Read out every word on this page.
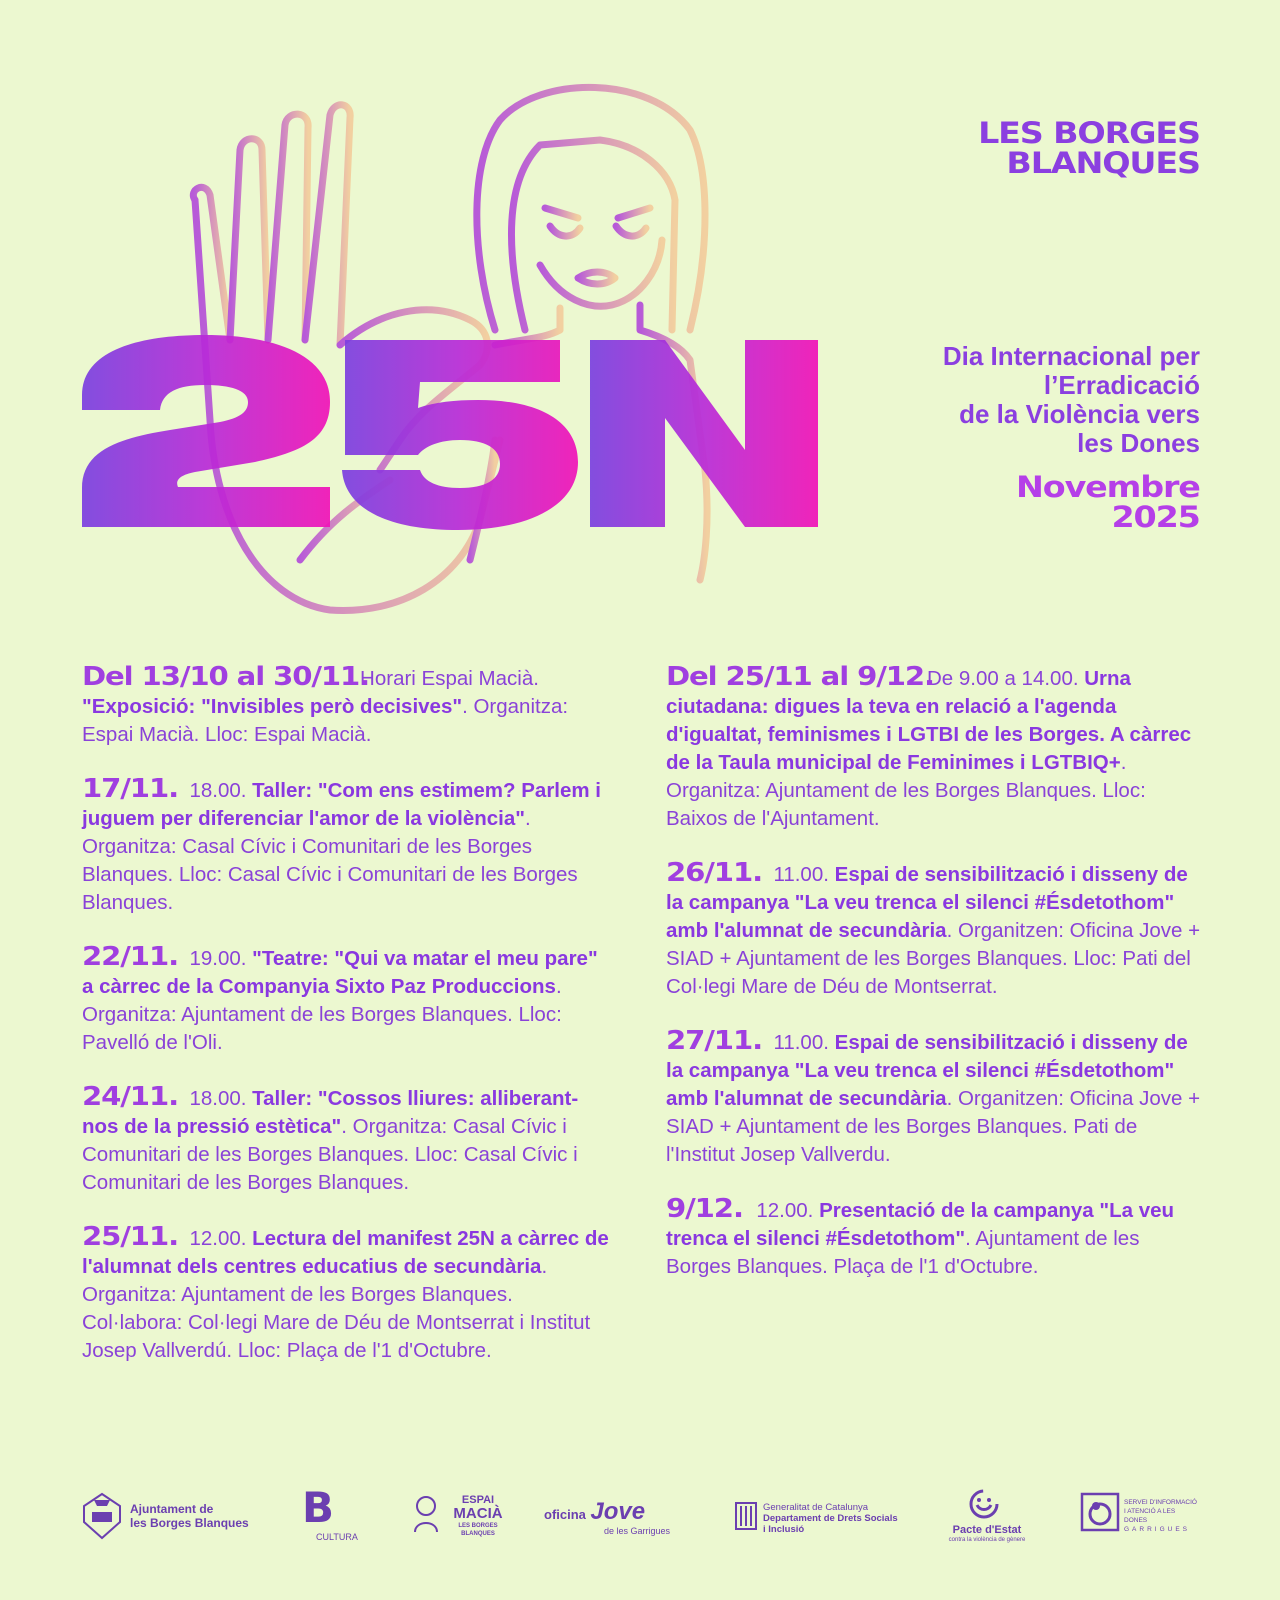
LES BORGES
BLANQUES
Dia Internacional per
l’Erradicació
de la Violència vers
les Dones
Novembre
2025
Del 13/10 al 30/11. Horari Espai Macià. "Exposició: "Invisibles però decisives". Organitza: Espai Macià. Lloc: Espai Macià.
17/11. 18.00. Taller: "Com ens estimem? Parlem i juguem per diferenciar l'amor de la violència". Organitza: Casal Cívic i Comunitari de les Borges Blanques. Lloc: Casal Cívic i Comunitari de les Borges Blanques.
22/11. 19.00. "Teatre: "Qui va matar el meu pare" a càrrec de la Companyia Sixto Paz Produccions. Organitza: Ajuntament de les Borges Blanques. Lloc: Pavelló de l'Oli.
24/11. 18.00. Taller: "Cossos lliures: alliberant-nos de la pressió estètica". Organitza: Casal Cívic i Comunitari de les Borges Blanques. Lloc: Casal Cívic i Comunitari de les Borges Blanques.
25/11. 12.00. Lectura del manifest 25N a càrrec de l'alumnat dels centres educatius de secundària. Organitza: Ajuntament de les Borges Blanques. Col·labora: Col·legi Mare de Déu de Montserrat i Institut Josep Vallverdú. Lloc: Plaça de l'1 d'Octubre.
Del 25/11 al 9/12. De 9.00 a 14.00. Urna ciutadana: digues la teva en relació a l'agenda d'igualtat, feminismes i LGTBI de les Borges. A càrrec de la Taula municipal de Feminimes i LGTBIQ+. Organitza: Ajuntament de les Borges Blanques. Lloc: Baixos de l'Ajuntament.
26/11. 11.00. Espai de sensibilització i disseny de la campanya "La veu trenca el silenci #Ésdetothom" amb l'alumnat de secundària. Organitzen: Oficina Jove + SIAD + Ajuntament de les Borges Blanques. Lloc: Pati del Col·legi Mare de Déu de Montserrat.
27/11. 11.00. Espai de sensibilització i disseny de la campanya "La veu trenca el silenci #Ésdetothom" amb l'alumnat de secundària. Organitzen: Oficina Jove + SIAD + Ajuntament de les Borges Blanques. Pati de l'Institut Josep Vallverdu.
9/12. 12.00. Presentació de la campanya "La veu trenca el silenci #Ésdetothom". Ajuntament de les Borges Blanques. Plaça de l'1 d'Octubre.
Ajuntament de
les Borges Blanques B
CULTURA
ESPAI
MACIÀ
LES BORGES BLANQUES
oficina Jove
de les Garrigues
Generalitat de Catalunya
Departament de Drets Socials
i Inclusió	Pacte d'Estat
contra la violència de gènere
SERVEI D'INFORMACIÓ
I ATENCIÓ A LES DONES
GARRIGUES
